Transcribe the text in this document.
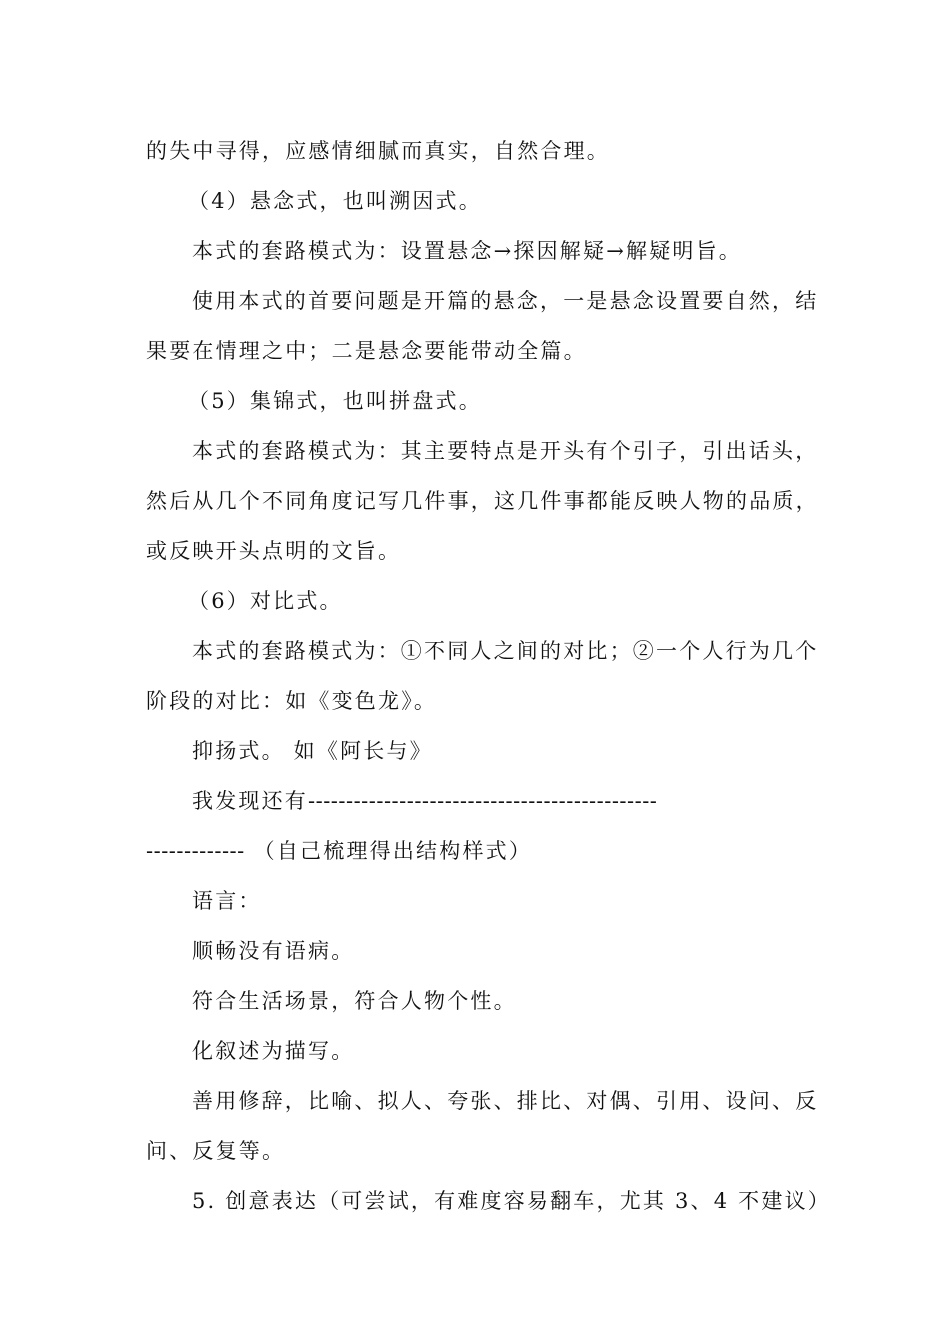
的失中寻得，应感情细腻而真实，自然合理。
（4）悬念式，也叫溯因式。
本式的套路模式为：设置悬念→探因解疑→解疑明旨。
使用本式的首要问题是开篇的悬念，一是悬念设置要自然，结
果要在情理之中；二是悬念要能带动全篇。
（5）集锦式，也叫拼盘式。
本式的套路模式为：其主要特点是开头有个引子，引出话头，
然后从几个不同角度记写几件事，这几件事都能反映人物的品质，
或反映开头点明的文旨。
（6）对比式。
本式的套路模式为：①不同人之间的对比；②一个人行为几个
阶段的对比：如《变色龙》。
抑扬式。 如《阿长与》
我发现还有----------------------------------------------
------------- （自己梳理得出结构样式）
语言：
顺畅没有语病。
符合生活场景，符合人物个性。
化叙述为描写。
善用修辞，比喻、拟人、夸张、排比、对偶、引用、设问、反
问、反复等。
5. 创意表达（可尝试，有难度容易翻车，尤其 3、4 不建议）
